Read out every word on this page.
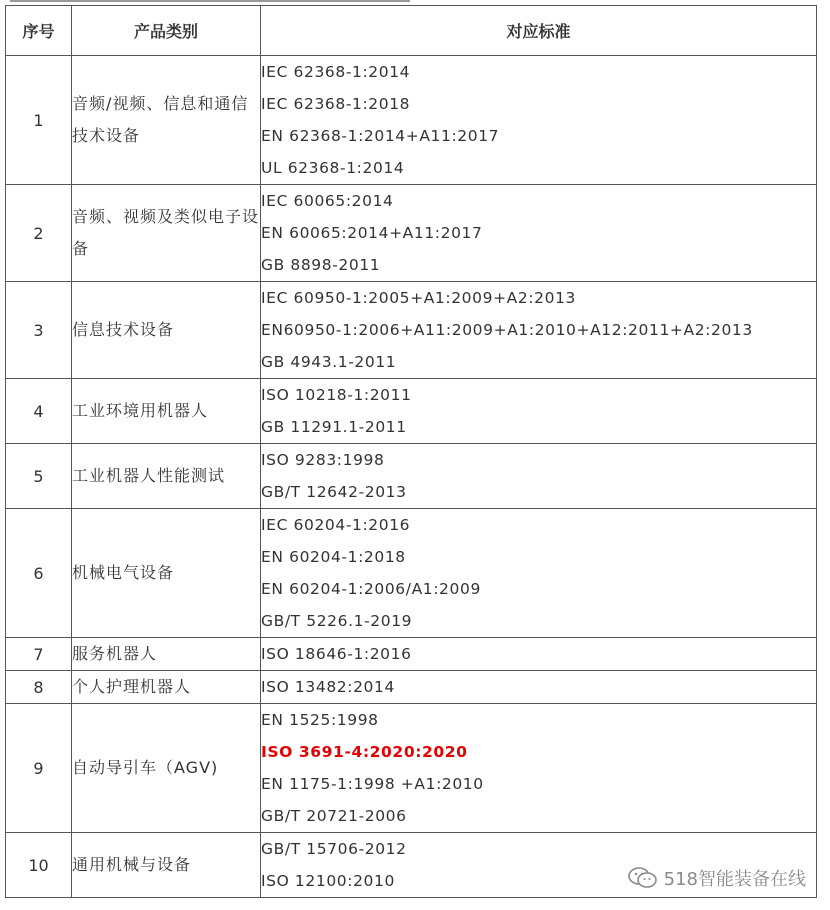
序号	产品类别	对应标准
1	音频/视频、信息和通信技术设备	IEC 62368-1:2014
IEC 62368-1:2018
EN 62368-1:2014+A11:2017
UL 62368-1:2014

2	音频、视频及类似电子设备	IEC 60065:2014
EN 60065:2014+A11:2017
GB 8898-2011

3	信息技术设备	IEC 60950-1:2005+A1:2009+A2:2013
EN60950-1:2006+A11:2009+A1:2010+A12:2011+A2:2013
GB 4943.1-2011

4	工业环境用机器人	ISO 10218-1:2011
GB 11291.1-2011

5	工业机器人性能测试	ISO 9283:1998
GB/T 12642-2013

6	机械电气设备	IEC 60204-1:2016
EN 60204-1:2018
EN 60204-1:2006/A1:2009
GB/T 5226.1-2019

7	服务机器人	ISO 18646-1:2016

8	个人护理机器人	ISO 13482:2014

9	自动导引车（AGV)	EN 1525:1998
ISO 3691-4:2020:2020
EN 1175-1:1998 +A1:2010
GB/T 20721-2006

10	通用机械与设备	GB/T 15706-2012
ISO 12100:2010	518智能装备在线
